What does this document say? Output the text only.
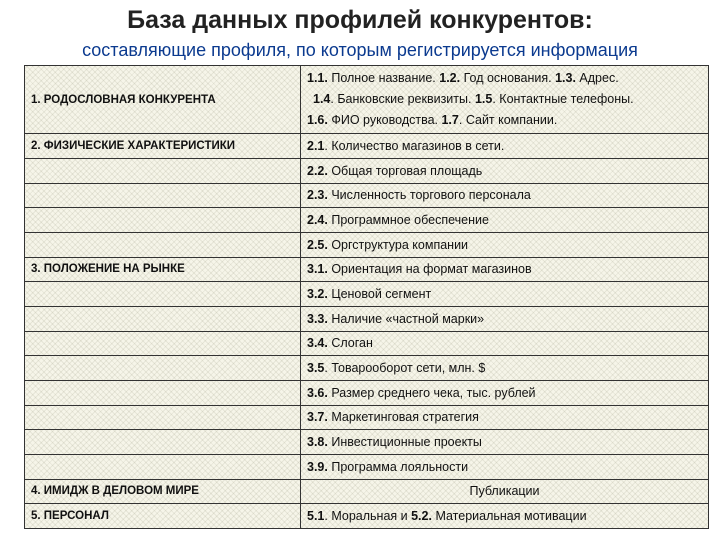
База данных профилей конкурентов:
составляющие профиля, по которым регистрируется информация
1. РОДОСЛОВНАЯ КОНКУРЕНТА	1.1. Полное название. 1.2. Год основания. 1.3. Адрес.
1.4. Банковские реквизиты. 1.5. Контактные телефоны.
1.6. ФИО руководства. 1.7. Сайт компании.

2. ФИЗИЧЕСКИЕ ХАРАКТЕРИСТИКИ	2.1. Количество магазинов в сети.
	2.2. Общая торговая площадь
	2.3. Численность торгового персонала
	2.4. Программное обеспечение
	2.5. Оргструктура компании
3. ПОЛОЖЕНИЕ НА РЫНКЕ	3.1. Ориентация на формат магазинов
	3.2. Ценовой сегмент
	3.3. Наличие «частной марки»
	3.4. Слоган
	3.5. Товарооборот сети, млн. $
	3.6. Размер среднего чека, тыс. рублей
	3.7. Маркетинговая стратегия
	3.8. Инвестиционные проекты
	3.9. Программа лояльности
4. ИМИДЖ В ДЕЛОВОМ МИРЕ	Публикации
5. ПЕРСОНАЛ	5.1. Моральная и 5.2. Материальная мотивации
